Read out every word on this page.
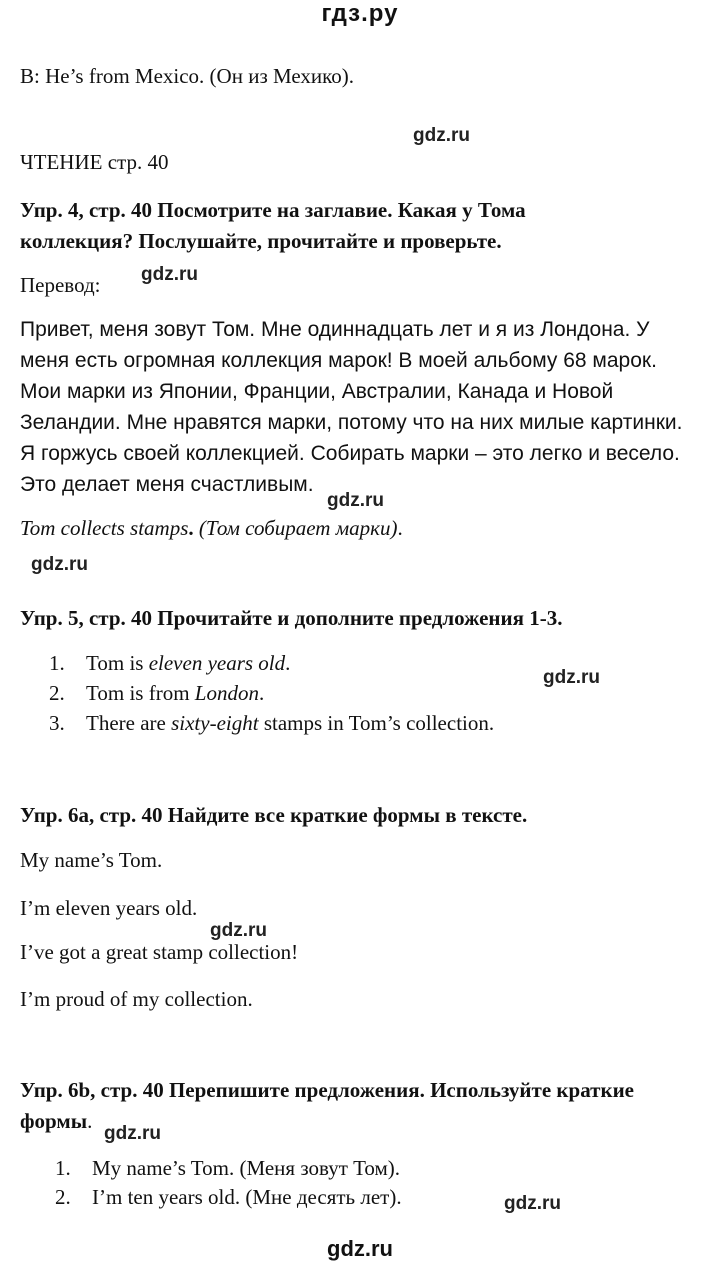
гдз.ру
B: He’s from Mexico. (Он из Мехико).
gdz.ru
ЧТЕНИЕ стр. 40
Упр. 4, стр. 40 Посмотрите на заглавие. Какая у Тома коллекция? Послушайте, прочитайте и проверьте.
Перевод: gdz.ru
Привет, меня зовут Том. Мне одиннадцать лет и я из Лондона. У меня есть огромная коллекция марок! В моей альбому 68 марок. Мои марки из Японии, Франции, Австралии, Канада и Новой Зеландии. Мне нравятся марки, потому что на них милые картинки. Я горжусь своей коллекцией. Собирать марки – это легко и весело. Это делает меня счастливым.
gdz.ru
Tom collects stamps. (Том собирает марки).
gdz.ru
Упр. 5, стр. 40 Прочитайте и дополните предложения 1-3.
1. Tom is eleven years old.
2. Tom is from London.
3. There are sixty-eight stamps in Tom’s collection.
gdz.ru
Упр. 6а, стр. 40 Найдите все краткие формы в тексте.
My name’s Tom.
I’m eleven years old.
I’ve got a great stamp collection!
I’m proud of my collection.
gdz.ru
Упр. 6b, стр. 40 Перепишите предложения. Используйте краткие формы.
gdz.ru
1. My name’s Tom. (Меня зовут Том).
2. I’m ten years old. (Мне десять лет).	gdz.ru
gdz.ru
